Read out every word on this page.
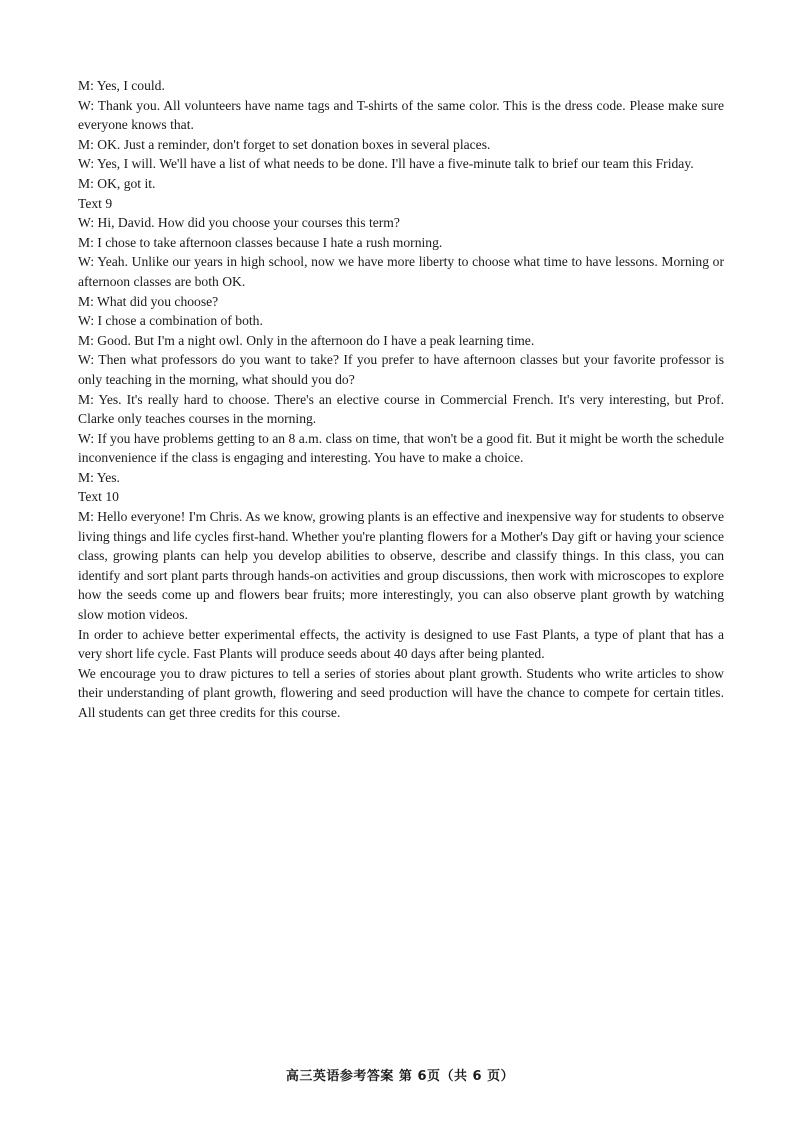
M: Yes, I could.

W: Thank you. All volunteers have name tags and T-shirts of the same color. This is the dress code. Please make sure everyone knows that.

M: OK. Just a reminder, don't forget to set donation boxes in several places.

W: Yes, I will. We'll have a list of what needs to be done. I'll have a five-minute talk to brief our team this Friday.

M: OK, got it.

Text 9

W: Hi, David. How did you choose your courses this term?

M: I chose to take afternoon classes because I hate a rush morning.

W: Yeah. Unlike our years in high school, now we have more liberty to choose what time to have lessons. Morning or afternoon classes are both OK.

M: What did you choose?

W: I chose a combination of both.

M: Good. But I'm a night owl. Only in the afternoon do I have a peak learning time.

W: Then what professors do you want to take? If you prefer to have afternoon classes but your favorite professor is only teaching in the morning, what should you do?

M: Yes. It's really hard to choose. There's an elective course in Commercial French. It's very interesting, but Prof. Clarke only teaches courses in the morning.

W: If you have problems getting to an 8 a.m. class on time, that won't be a good fit. But it might be worth the schedule inconvenience if the class is engaging and interesting. You have to make a choice.

M: Yes.

Text 10

M: Hello everyone! I'm Chris. As we know, growing plants is an effective and inexpensive way for students to observe living things and life cycles first-hand. Whether you're planting flowers for a Mother's Day gift or having your science class, growing plants can help you develop abilities to observe, describe and classify things. In this class, you can identify and sort plant parts through hands-on activities and group discussions, then work with microscopes to explore how the seeds come up and flowers bear fruits; more interestingly, you can also observe plant growth by watching slow motion videos.

In order to achieve better experimental effects, the activity is designed to use Fast Plants, a type of plant that has a very short life cycle. Fast Plants will produce seeds about 40 days after being planted.

We encourage you to draw pictures to tell a series of stories about plant growth. Students who write articles to show their understanding of plant growth, flowering and seed production will have the chance to compete for certain titles. All students can get three credits for this course.

高三英语参考答案 第 6页（共 6 页）
